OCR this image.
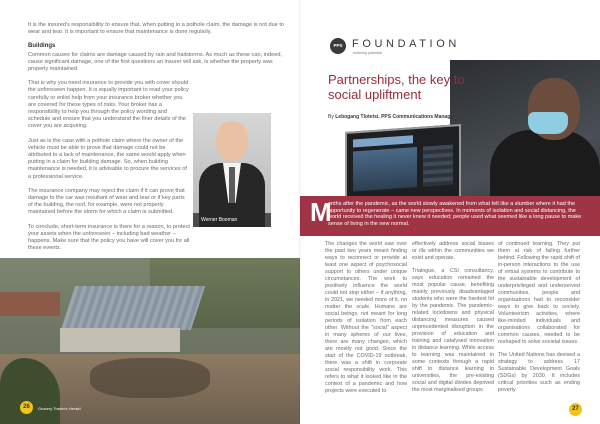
It is the insured's responsibility to ensure that, when putting in a pothole claim, the damage is not due to wear and tear. It is important to ensure that maintenance is done regularly.

Buildings

Common causes for claims are damage caused by rain and hailstorms. As much as these can, indeed, cause significant damage, one of the first questions an insurer will ask, is whether the property was properly maintained.

That is why you need insurance to provide you with cover should the unforeseen happen. It is equally important to read your policy carefully or enlist help from your insurance broker whether you are covered for these types of risks. Your broker has a responsibility to help you through the policy wording and schedule and ensure that you understand the finer details of the cover you are acquiring.

Just as is the case with a pothole claim where the owner of the vehicle must be able to prove that damage could not be attributed to a lack of maintenance, the same would apply when putting in a claim for building damage. So, when building maintenance is needed, it is advisable to procure the services of a professional service.

The insurance company may reject the claim if it can prove that damage to the car was resultant of wear and tear or if key parts of the building, the roof, for example, were not properly maintained before the storm for which a claim is submitted.

To conclude, short-term insurance is there for a reason, to protect your assets when the unforeseen – including bad weather – happens. Make sure that the policy you have will cover you for all these events.

Werner Booman
26	Grocery Trader's Herald
PPS FOUNDATION
nurturing potential
Partnerships, the key to social upliftment
By Lebogang Tlotetsi, PPS Communications Manager
M
onths after the pandemic, as the world slowly awakened from what felt like a slumber where it had the opportunity to regenerate – came new perspectives. In moments of isolation and social distancing, the world received the healing it never knew it needed; people used what seemed like a long pause to make sense of living in the new normal.

The changes the world saw over the past two years meant finding ways to reconnect or provide at least one aspect of psychosocial support to others under unique circumstances. The work to positively influence the world could not stop either – if anything, in 2021, we needed more of it, no matter the scale. Humans are social beings, not meant for long periods of isolation from each other. Without the "social" aspect in many spheres of our lives, there are many changes, which are mostly not good. Since the start of the COVID-19 outbreak, there was a shift in corporate social responsibility work. This refers to what it looked like in the context of a pandemic and how projects were executed to

effectively address social biases or ills within the communities we exist and operate.

Trialogue, a CSI consultancy, says education remained the most popular cause, benefiting mainly previously disadvantaged students who were the hardest hit by the pandemic. The pandemic-related lockdowns and physical distancing measures caused unprecedented disruption in the provision of education and training and catalysed innovation in distance learning. While access to learning was maintained in some contexts through a rapid shift to distance learning in universities, the pre-existing social and digital divides deprived the most marginalised groups

of continued learning. They put them at risk of falling further behind. Following the rapid shift of in-person interactions to the use of virtual systems to contribute to the sustainable development of underprivileged and underserved communities, people and organisations had to reconsider ways to give back to society. Volunteerism activities, where like-minded individuals and organisations collaborated for common causes, needed to be reshaped to solve societal issues.

The United Nations has devised a strategy to address 17 Sustainable Development Goals (SDGs) by 2030. It includes critical priorities such as ending poverty

27
